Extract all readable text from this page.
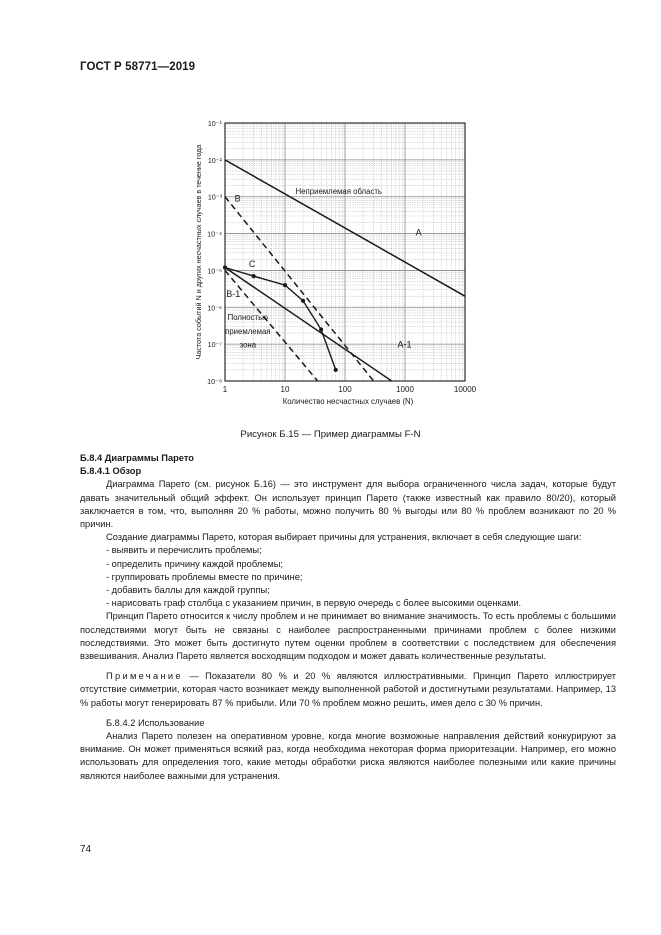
ГОСТ Р 58771—2019
1	10	100	1000	10000
10⁻¹
10⁻²
10⁻³
10⁻⁴
10⁻⁵
10⁻⁶
10⁻⁷
10⁻⁸
Количество несчастных случаев (N)
Частота событий N и других несчастных случаев в течение года	A
B
C
B-1
A-1
Неприемлемая область
Полностью
приемлемая
зона
Рисунок Б.15 — Пример диаграммы F-N

Б.8.4 Диаграммы Парето

Б.8.4.1 Обзор

Диаграмма Парето (см. рисунок Б.16) — это инструмент для выбора ограниченного числа задач, которые будут давать значительный общий эффект. Он использует принцип Парето (также известный как правило 80/20), который заключается в том, что, выполняя 20 % работы, можно получить 80 % выгоды или 80 % проблем возникают по 20 % причин.

Создание диаграммы Парето, которая выбирает причины для устранения, включает в себя следующие шаги:

- выявить и перечислить проблемы;
- определить причину каждой проблемы;
- группировать проблемы вместе по причине;
- добавить баллы для каждой группы;
- нарисовать граф столбца с указанием причин, в первую очередь с более высокими оценками.

Принцип Парето относится к числу проблем и не принимает во внимание значимость. То есть проблемы с большими последствиями могут быть не связаны с наиболее распространенными причинами проблем с более низкими последствиями. Это может быть достигнуто путем оценки проблем в соответствии с последствием для обеспечения взвешивания. Анализ Парето является восходящим подходом и может давать количественные результаты.

Примечание — Показатели 80 % и 20 % являются иллюстративными. Принцип Парето иллюстрирует отсутствие симметрии, которая часто возникает между выполненной работой и достигнутыми результатами. Например, 13 % работы могут генерировать 87 % прибыли. Или 70 % проблем можно решить, имея дело с 30 % причин.

Б.8.4.2 Использование

Анализ Парето полезен на оперативном уровне, когда многие возможные направления действий конкурируют за внимание. Он может применяться всякий раз, когда необходима некоторая форма приоритезации. Например, его можно использовать для определения того, какие методы обработки риска являются наиболее полезными или какие причины являются наиболее важными для устранения.

74
